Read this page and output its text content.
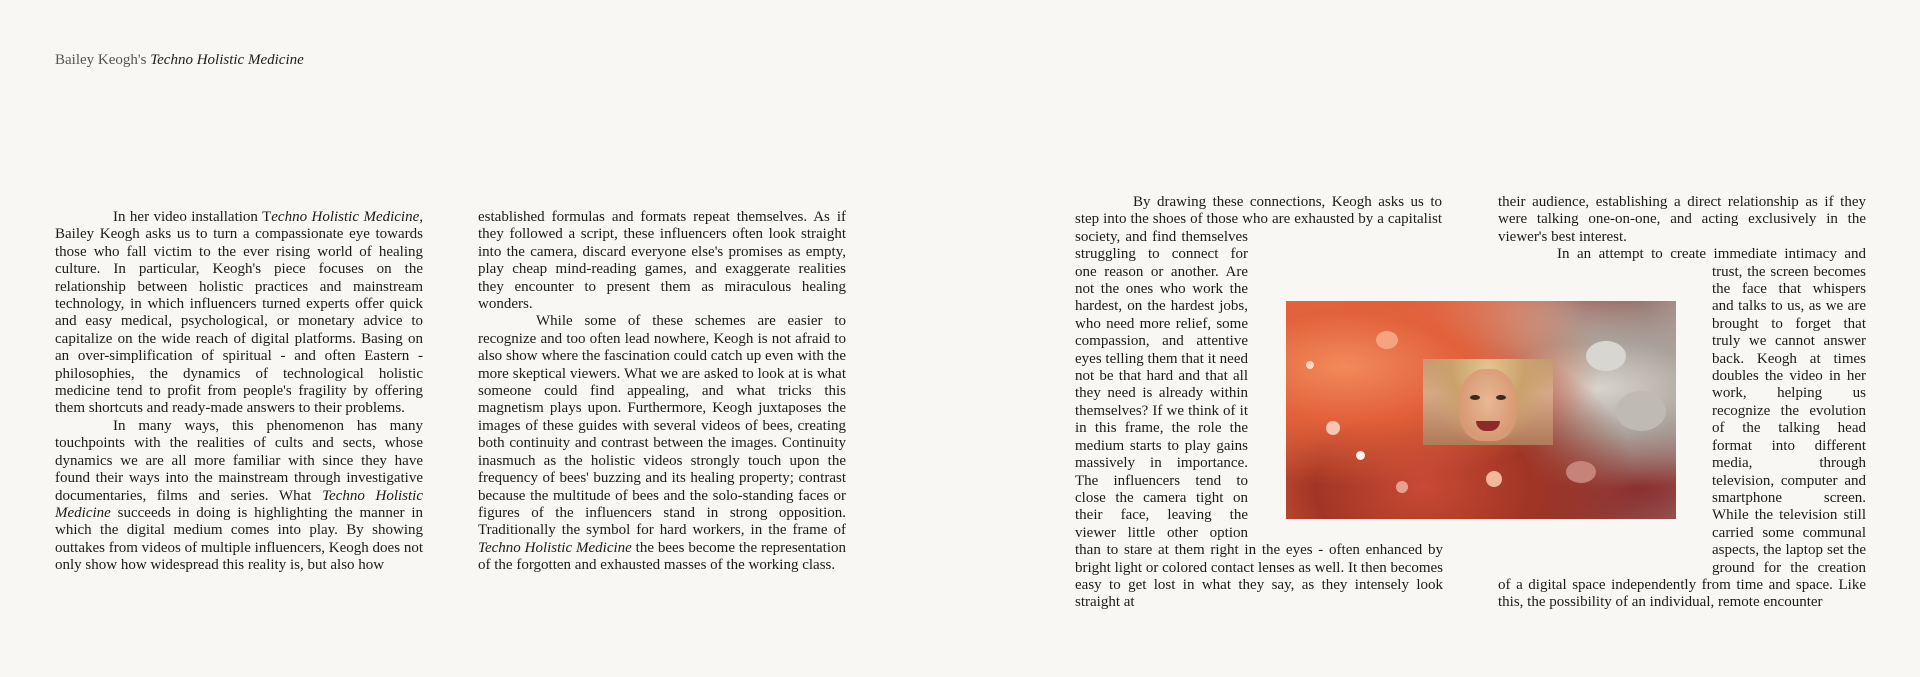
Bailey Keogh's Techno Holistic Medicine

In her video installation Techno Holistic Medicine, Bailey Keogh asks us to turn a compassionate eye towards those who fall victim to the ever rising world of healing culture. In particular, Keogh's piece focuses on the relationship between holistic practices and mainstream technology, in which influencers turned experts offer quick and easy medical, psychological, or monetary advice to capitalize on the wide reach of digital platforms. Basing on an over-simplification of spiritual - and often Eastern - philosophies, the dynamics of technological holistic medicine tend to profit from people's fragility by offering them shortcuts and ready-made answers to their problems.

In many ways, this phenomenon has many touchpoints with the realities of cults and sects, whose dynamics we are all more familiar with since they have found their ways into the mainstream through investigative documentaries, films and series. What Techno Holistic Medicine succeeds in doing is highlighting the manner in which the digital medium comes into play. By showing outtakes from videos of multiple influencers, Keogh does not only show how widespread this reality is, but also how

established formulas and formats repeat themselves. As if they followed a script, these influencers often look straight into the camera, discard everyone else's promises as empty, play cheap mind-reading games, and exaggerate realities they encounter to present them as miraculous healing wonders.

While some of these schemes are easier to recognize and too often lead nowhere, Keogh is not afraid to also show where the fascination could catch up even with the more skeptical viewers. What we are asked to look at is what someone could find appealing, and what tricks this magnetism plays upon. Furthermore, Keogh juxtaposes the images of these guides with several videos of bees, creating both continuity and contrast between the images. Continuity inasmuch as the holistic videos strongly touch upon the frequency of bees' buzzing and its healing property; contrast because the multitude of bees and the solo-standing faces or figures of the influencers stand in strong opposition. Traditionally the symbol for hard workers, in the frame of Techno Holistic Medicine the bees become the representation of the forgotten and exhausted masses of the working class.

By drawing these connections, Keogh asks us to step into the shoes of those who are exhausted by a capitalist society, and find themselves struggling to connect for one reason or another. Are not the ones who work the hardest, on the hardest jobs, who need more relief, some compassion, and attentive eyes telling them that it need not be that hard and that all they need is already within themselves? If we think of it in this frame, the role the medium starts to play gains massively in importance. The influencers tend to close the camera tight on their face, leaving the viewer little other option than to stare at them right in the eyes - often enhanced by bright light or colored contact lenses as well. It then becomes easy to get lost in what they say, as they intensely look straight at

their audience, establishing a direct relationship as if they were talking one-on-one, and acting exclusively in the viewer's best interest.

In an attempt to create immediate intimacy and trust, the screen becomes the face that whispers and talks to us, as we are brought to forget that truly we cannot answer back. Keogh at times doubles the video in her work, helping us recognize the evolution of the talking head format into different media, through television, computer and smartphone screen. While the television still carried some communal aspects, the laptop set the ground for the creation of a digital space independently from time and space. Like this, the possibility of an individual, remote encounter
